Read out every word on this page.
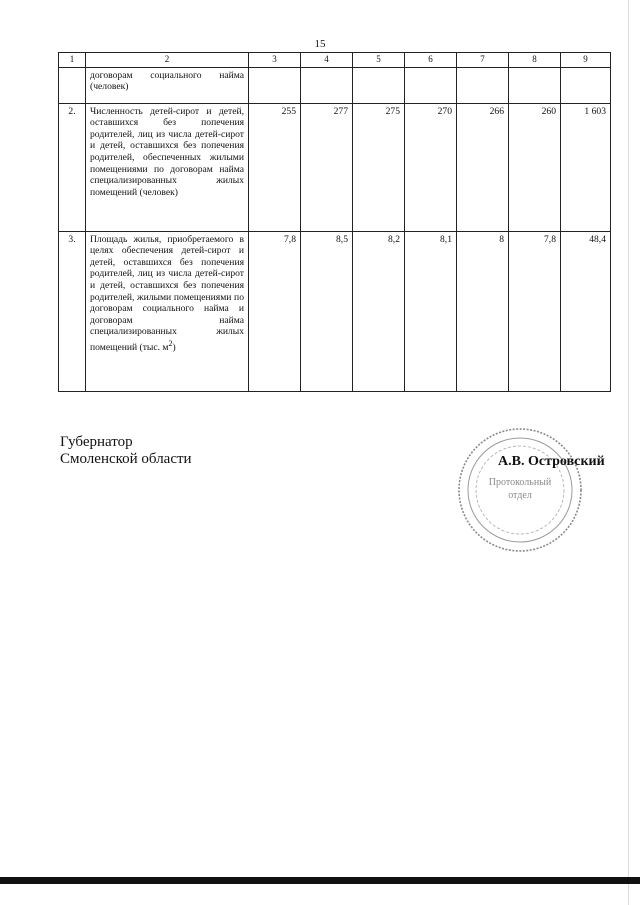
15
1	2	3	4	5	6	7	8	9
	договорам социального найма (человек)							
2.	Численность детей-сирот и детей, оставшихся без попечения родителей, лиц из числа детей-сирот и детей, оставшихся без попечения родителей, обеспеченных жилыми помещениями по договорам найма специализированных жилых помещений (человек)	255	277	275	270	266	260	1 603
3.	Площадь жилья, приобретаемого в целях обеспечения детей-сирот и детей, оставшихся без попечения родителей, лиц из числа детей-сирот и детей, оставшихся без попечения родителей, жилыми помещениями по договорам социального найма и договорам найма специализированных жилых помещений (тыс. $м^2$)	7,8	8,5	8,2	8,1	8	7,8	48,4
Губернатор
Смоленской области
Протокольный
отдел
А.В. Островский
